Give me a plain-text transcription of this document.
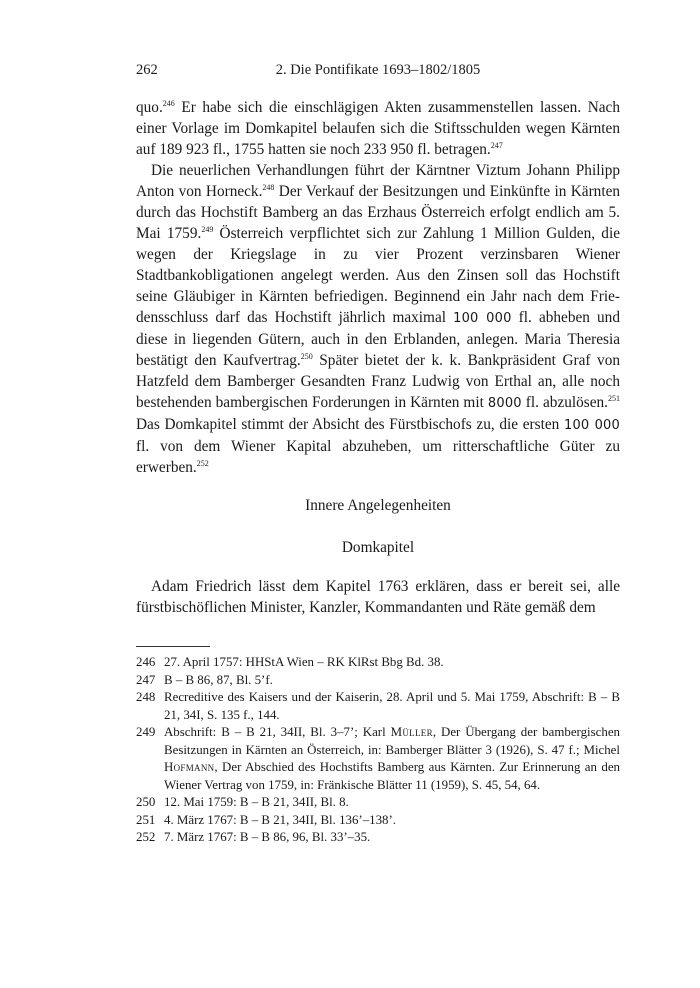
262	2. Die Pontifikate 1693–1802/1805

quo.$^{246}$ Er habe sich die einschlägigen Akten zusammenstellen lassen. Nach einer Vorlage im Domkapitel belaufen sich die Stiftsschulden wegen Kärnten auf 189 923 fl., 1755 hatten sie noch 233 950 fl. betragen.$^{247}$

Die neuerlichen Verhandlungen führt der Kärntner Viztum Johann Philipp Anton von Horneck.$^{248}$ Der Verkauf der Besitzungen und Einkünfte in Kärnten durch das Hochstift Bamberg an das Erzhaus Österreich erfolgt endlich am 5. Mai 1759.$^{249}$ Österreich verpflichtet sich zur Zahlung 1 Million Gulden, die wegen der Kriegslage in zu vier Prozent verzinsbaren Wiener Stadtbankobligationen angelegt werden. Aus den Zinsen soll das Hochstift seine Gläubiger in Kärnten befriedigen. Beginnend ein Jahr nach dem Friedensschluss darf das Hochstift jährlich maximal 100 000 fl. abheben und diese in liegenden Gütern, auch in den Erblanden, anlegen. Maria Theresia bestätigt den Kaufvertrag.$^{250}$ Später bietet der k. k. Bankpräsident Graf von Hatzfeld dem Bamberger Gesandten Franz Ludwig von Erthal an, alle noch bestehenden bambergischen Forderungen in Kärnten mit 8000 fl. abzulösen.$^{251}$ Das Domkapitel stimmt der Absicht des Fürstbischofs zu, die ersten 100 000 fl. von dem Wiener Kapital abzuheben, um ritterschaftliche Güter zu erwerben.$^{252}$

Innere Angelegenheiten

Domkapitel

Adam Friedrich lässt dem Kapitel 1763 erklären, dass er bereit sei, alle fürstbischöflichen Minister, Kanzler, Kommandanten und Räte gemäß dem

246 27. April 1757: HHStA Wien – RK KlRst Bbg Bd. 38.
247 B – B 86, 87, Bl. 5’f.
248 Recreditive des Kaisers und der Kaiserin, 28. April und 5. Mai 1759, Abschrift: B – B 21, 34I, S. 135 f., 144.
249 Abschrift: B – B 21, 34II, Bl. 3–7’; Karl Müller, Der Übergang der bambergischen Besitzungen in Kärnten an Österreich, in: Bamberger Blätter 3 (1926), S. 47 f.; Michel Hofmann, Der Abschied des Hochstifts Bamberg aus Kärnten. Zur Erinnerung an den Wiener Vertrag von 1759, in: Fränkische Blätter 11 (1959), S. 45, 54, 64.
250 12. Mai 1759: B – B 21, 34II, Bl. 8.
251 4. März 1767: B – B 21, 34II, Bl. 136’–138’.
252 7. März 1767: B – B 86, 96, Bl. 33’–35.
